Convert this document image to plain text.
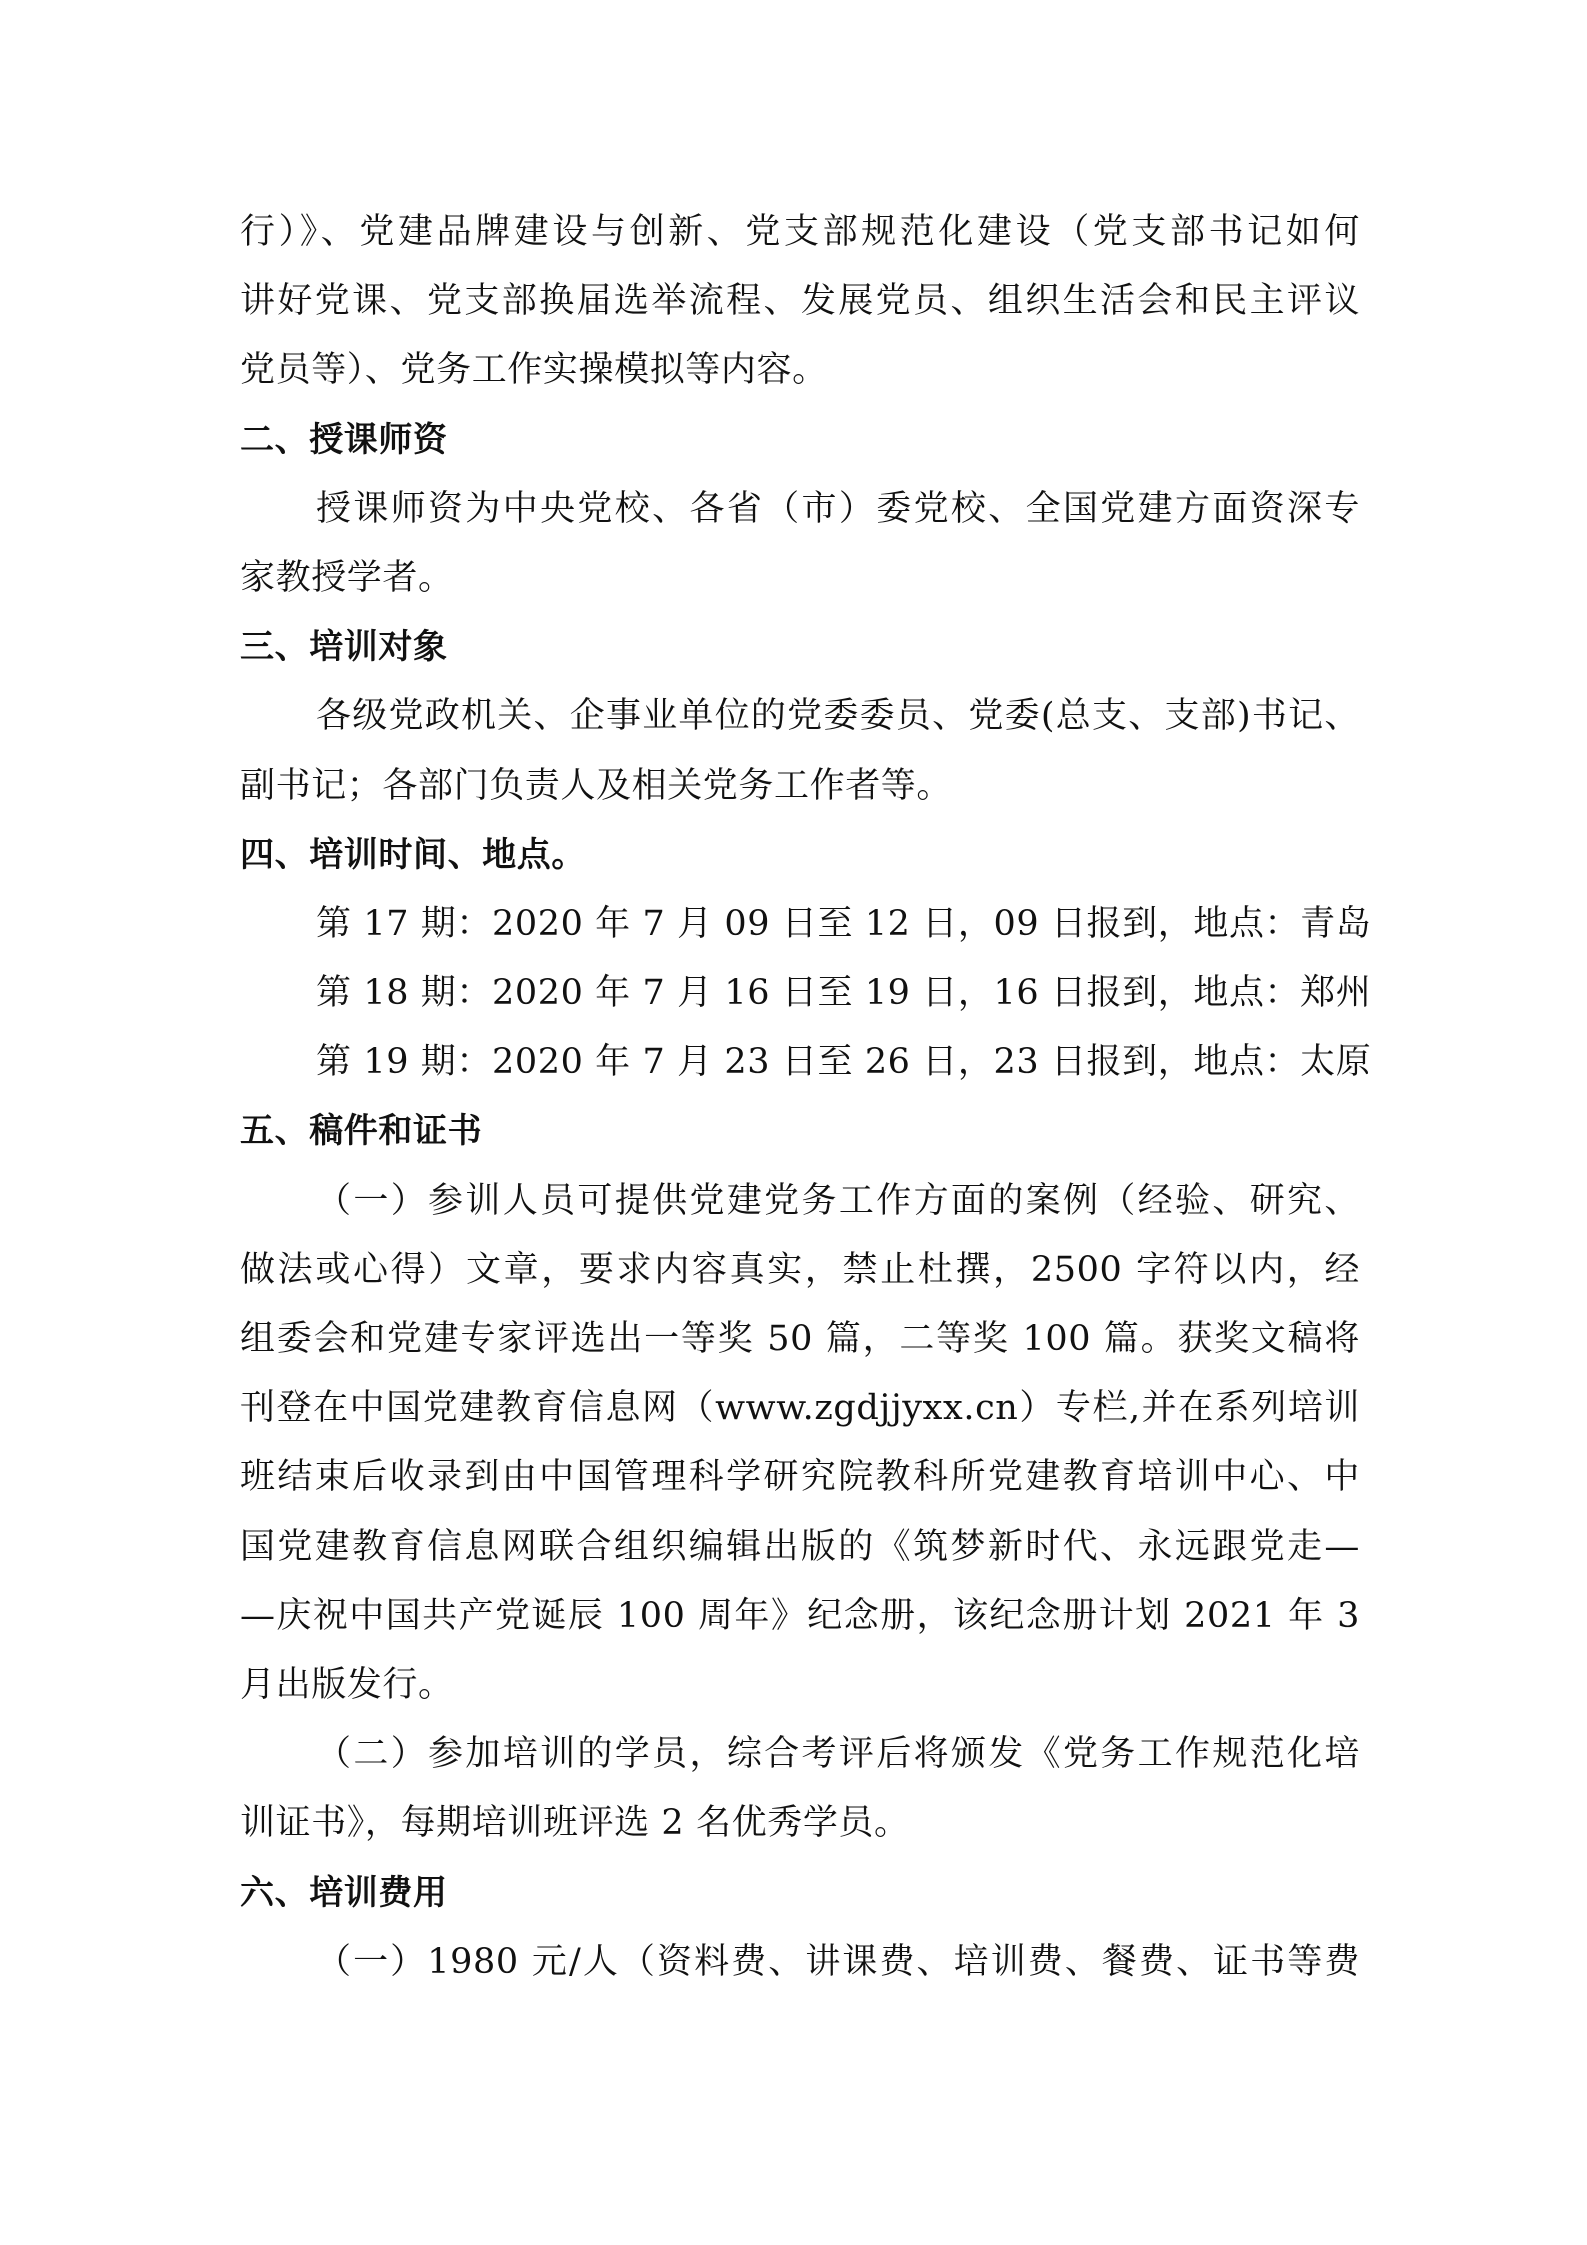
行）》、党建品牌建设与创新、党支部规范化建设（党支部书记如何
讲好党课、党支部换届选举流程、发展党员、组织生活会和民主评议
党员等）、党务工作实操模拟等内容。
二、授课师资
授课师资为中央党校、各省（市）委党校、全国党建方面资深专
家教授学者。
三、培训对象
各级党政机关、企事业单位的党委委员、党委(总支、支部)书记、
副书记；各部门负责人及相关党务工作者等。
四、培训时间、地点。
第 17 期：2020 年 7 月 09 日至 12 日，09 日报到，地点：青岛
第 18 期：2020 年 7 月 16 日至 19 日，16 日报到，地点：郑州
第 19 期：2020 年 7 月 23 日至 26 日，23 日报到，地点：太原
五、稿件和证书
（一）参训人员可提供党建党务工作方面的案例（经验、研究、
做法或心得）文章，要求内容真实，禁止杜撰，2500 字符以内，经
组委会和党建专家评选出一等奖 50 篇，二等奖 100 篇。获奖文稿将
刊登在中国党建教育信息网（www.zgdjjyxx.cn）专栏,并在系列培训
班结束后收录到由中国管理科学研究院教科所党建教育培训中心、中
国党建教育信息网联合组织编辑出版的《筑梦新时代、永远跟党走—
—庆祝中国共产党诞辰 100 周年》纪念册，该纪念册计划 2021 年 3
月出版发行。
（二）参加培训的学员，综合考评后将颁发《党务工作规范化培
训证书》，每期培训班评选 2 名优秀学员。
六、培训费用
（一）1980 元/人（资料费、讲课费、培训费、餐费、证书等费
